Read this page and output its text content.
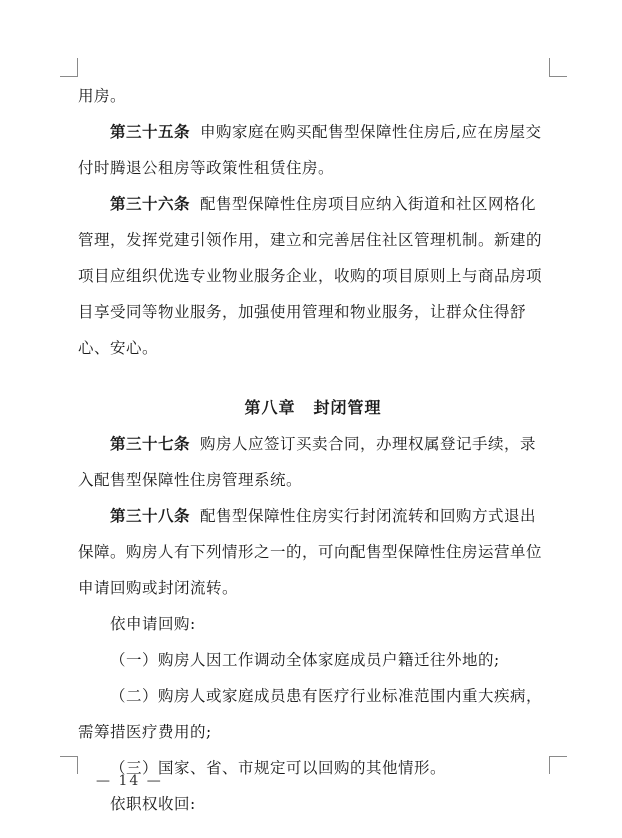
用房。

第三十五条 申购家庭在购买配售型保障性住房后,应在房屋交付时腾退公租房等政策性租赁住房。

第三十六条 配售型保障性住房项目应纳入街道和社区网格化管理，发挥党建引领作用，建立和完善居住社区管理机制。新建的项目应组织优选专业物业服务企业，收购的项目原则上与商品房项目享受同等物业服务，加强使用管理和物业服务，让群众住得舒心、安心。

第八章 封闭管理

第三十七条 购房人应签订买卖合同，办理权属登记手续，录入配售型保障性住房管理系统。

第三十八条 配售型保障性住房实行封闭流转和回购方式退出保障。购房人有下列情形之一的，可向配售型保障性住房运营单位申请回购或封闭流转。

依申请回购:

（一）购房人因工作调动全体家庭成员户籍迁往外地的;

（二）购房人或家庭成员患有医疗行业标准范围内重大疾病，需筹措医疗费用的;

（三）国家、省、市规定可以回购的其他情形。

依职权收回:

— 14 —
